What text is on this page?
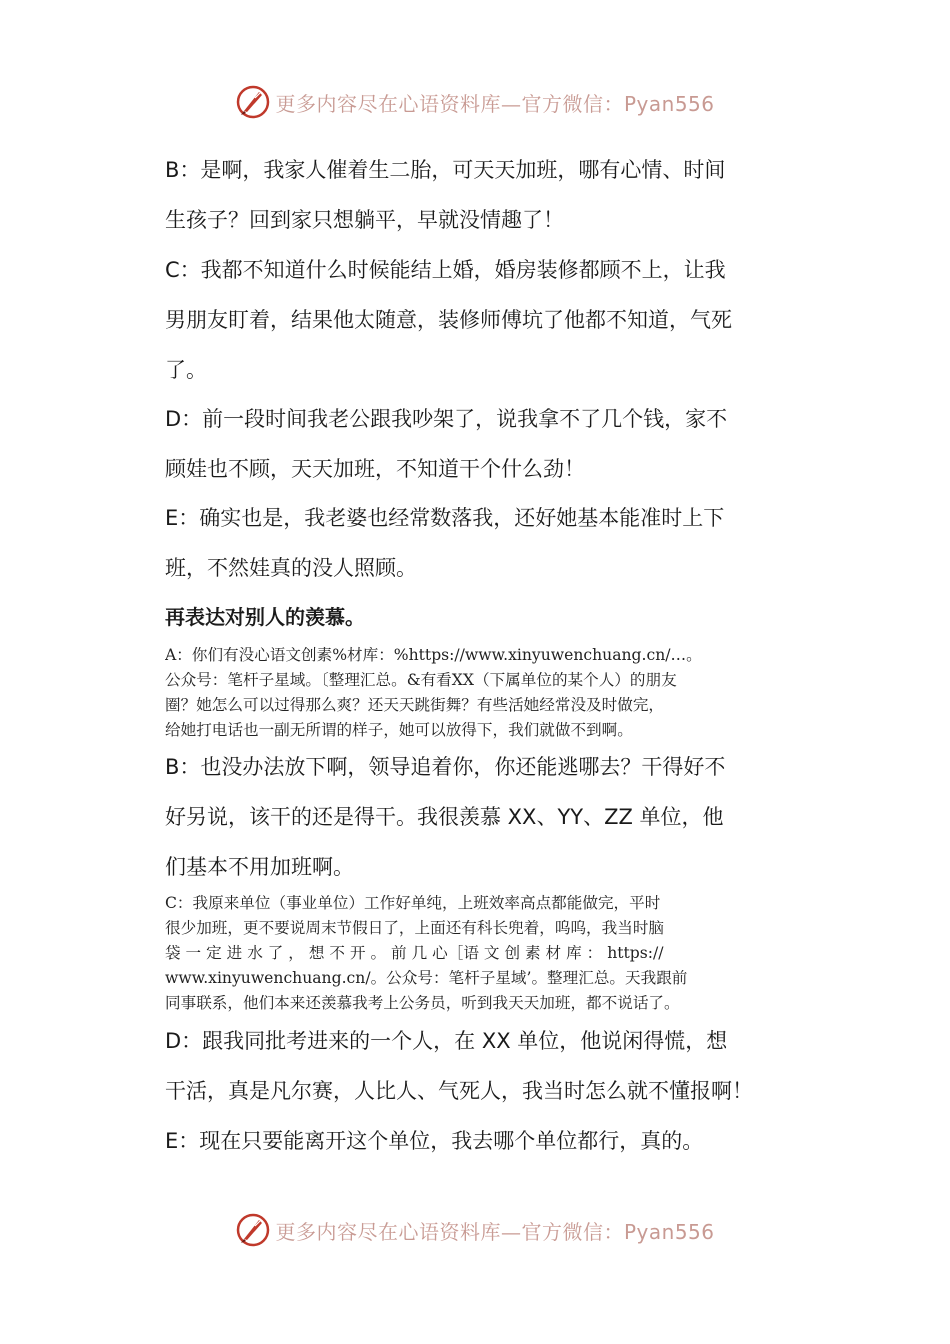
更多内容尽在心语资料库—官方微信：Pyan556
B：是啊，我家人催着生二胎，可天天加班，哪有心情、时间
生孩子？回到家只想躺平，早就没情趣了！
C：我都不知道什么时候能结上婚，婚房装修都顾不上，让我
男朋友盯着，结果他太随意，装修师傅坑了他都不知道，气死
了。
D：前一段时间我老公跟我吵架了，说我拿不了几个钱，家不
顾娃也不顾，天天加班，不知道干个什么劲！
E：确实也是，我老婆也经常数落我，还好她基本能准时上下
班，不然娃真的没人照顾。
再表达对别人的羡慕。
A：你们有没心语文创素%材库：%https://www.xinyuwenchuang.cn/…。
公众号：笔杆子星域。〔整理汇总。&有看XX（下属单位的某个人）的朋友
圈？她怎么可以过得那么爽？还天天跳街舞？有些活她经常没及时做完，
给她打电话也一副无所谓的样子，她可以放得下，我们就做不到啊。
B：也没办法放下啊，领导追着你，你还能逃哪去？干得好不
好另说，该干的还是得干。我很羡慕 XX、YY、ZZ 单位，他
们基本不用加班啊。
C：我原来单位（事业单位）工作好单纯，上班效率高点都能做完，平时
很少加班，更不要说周末节假日了，上面还有科长兜着，呜呜，我当时脑
袋 一 定 进 水 了 ， 想 不 开 。 前 几 心［语 文 创 素 材 库 ： https://
www.xinyuwenchuang.cn/。公众号：笔杆子星域’。整理汇总。天我跟前
同事联系，他们本来还羡慕我考上公务员，听到我天天加班，都不说话了。
D：跟我同批考进来的一个人，在 XX 单位，他说闲得慌，想
干活，真是凡尔赛，人比人、气死人，我当时怎么就不懂报啊！
E：现在只要能离开这个单位，我去哪个单位都行，真的。
更多内容尽在心语资料库—官方微信：Pyan556
